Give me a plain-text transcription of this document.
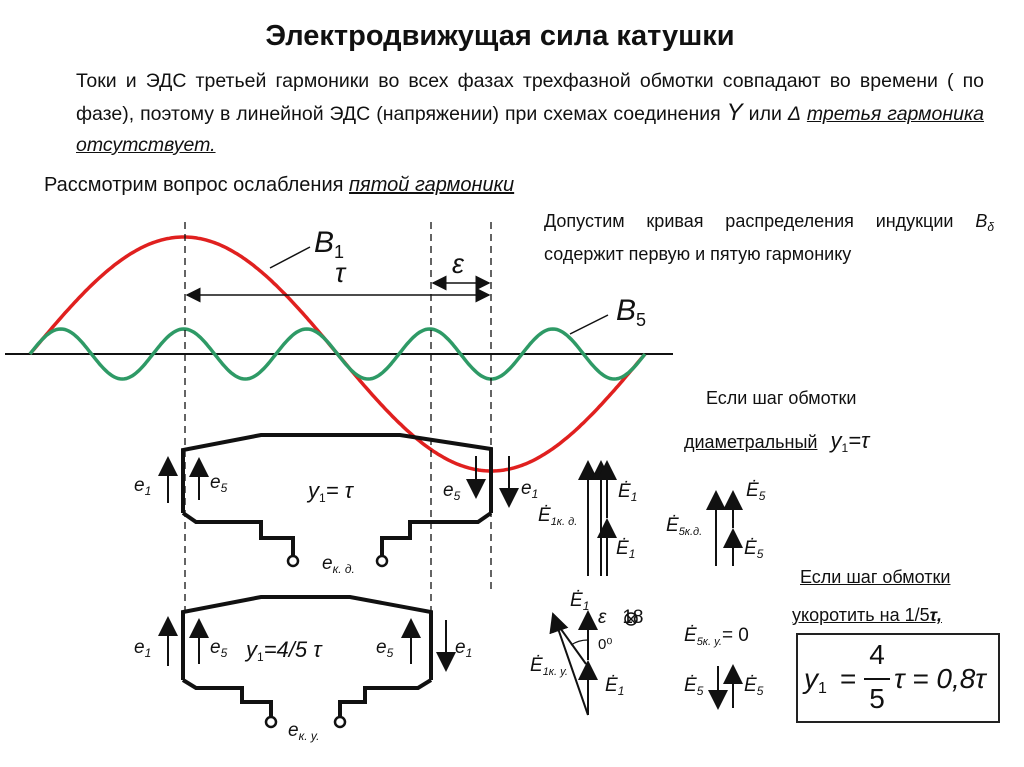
Электродвижущая сила катушки
Токи и ЭДС третьей гармоники во всех фазах трехфазной обмотки совпадают во времени ( по фазе), поэтому в линейной ЭДС (напряжении) при схемах соединения Y или Δ третья гармоника отсутствует.
Рассмотрим вопрос ослабления пятой гармоники
Допустим кривая распределения индукции $B_\delta$ содержит первую и пятую гармонику
$B_1$
τ	ε
$B_5$
Если шаг обмотки
диаметральный $y_1=\tau$
$e_1$	$e_5$	$y_1= \tau$	$e_5$	$e_1$
$e_{к. д.}$
$e_1$	$e_5$ $y_1=4/5$ τ	$e_5$	$e_1$
$e_{к. у.}$
$Ė_1$
$Ė_{1к. д.}$
$Ė_1$
$Ė_5$
$Ė_{5к.д.}$
$Ė_5$
Если шаг обмотки
укоротить на 1/5τ,
$Ė_1$
ε 18
0⁰
$Ė_{1к. у.}$
$Ė_1$
$Ė_{5к. у.}= 0$
$Ė_5$ $Ė_5$ y1 =
4
5
τ = 0,8τ
